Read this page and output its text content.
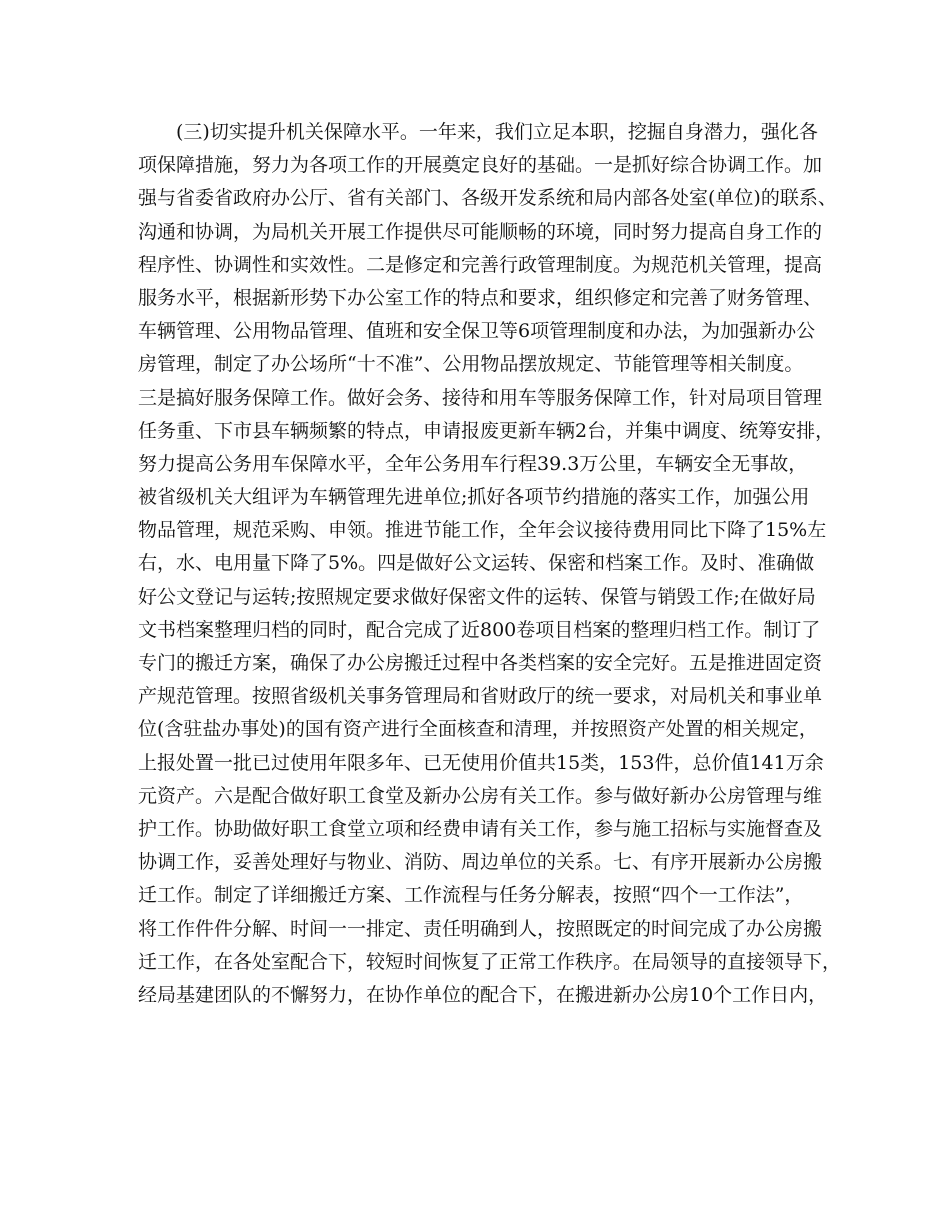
(三)切实提升机关保障水平。一年来，我们立足本职，挖掘自身潜力，强化各
项保障措施，努力为各项工作的开展奠定良好的基础。一是抓好综合协调工作。加
强与省委省政府办公厅、省有关部门、各级开发系统和局内部各处室(单位)的联系、
沟通和协调，为局机关开展工作提供尽可能顺畅的环境，同时努力提高自身工作的
程序性、协调性和实效性。二是修定和完善行政管理制度。为规范机关管理，提高
服务水平，根据新形势下办公室工作的特点和要求，组织修定和完善了财务管理、
车辆管理、公用物品管理、值班和安全保卫等6项管理制度和办法，为加强新办公
房管理，制定了办公场所“十不准”、公用物品摆放规定、节能管理等相关制度。
三是搞好服务保障工作。做好会务、接待和用车等服务保障工作，针对局项目管理
任务重、下市县车辆频繁的特点，申请报废更新车辆2台，并集中调度、统筹安排，
努力提高公务用车保障水平，全年公务用车行程39.3万公里，车辆安全无事故，
被省级机关大组评为车辆管理先进单位;抓好各项节约措施的落实工作，加强公用
物品管理，规范采购、申领。推进节能工作，全年会议接待费用同比下降了15%左
右，水、电用量下降了5%。四是做好公文运转、保密和档案工作。及时、准确做
好公文登记与运转;按照规定要求做好保密文件的运转、保管与销毁工作;在做好局
文书档案整理归档的同时，配合完成了近800卷项目档案的整理归档工作。制订了
专门的搬迁方案，确保了办公房搬迁过程中各类档案的安全完好。五是推进固定资
产规范管理。按照省级机关事务管理局和省财政厅的统一要求，对局机关和事业单
位(含驻盐办事处)的国有资产进行全面核查和清理，并按照资产处置的相关规定，
上报处置一批已过使用年限多年、已无使用价值共15类，153件，总价值141万余
元资产。六是配合做好职工食堂及新办公房有关工作。参与做好新办公房管理与维
护工作。协助做好职工食堂立项和经费申请有关工作，参与施工招标与实施督查及
协调工作，妥善处理好与物业、消防、周边单位的关系。七、有序开展新办公房搬
迁工作。制定了详细搬迁方案、工作流程与任务分解表，按照“四个一工作法”，
将工作件件分解、时间一一排定、责任明确到人，按照既定的时间完成了办公房搬
迁工作，在各处室配合下，较短时间恢复了正常工作秩序。在局领导的直接领导下，
经局基建团队的不懈努力，在协作单位的配合下，在搬进新办公房10个工作日内，
